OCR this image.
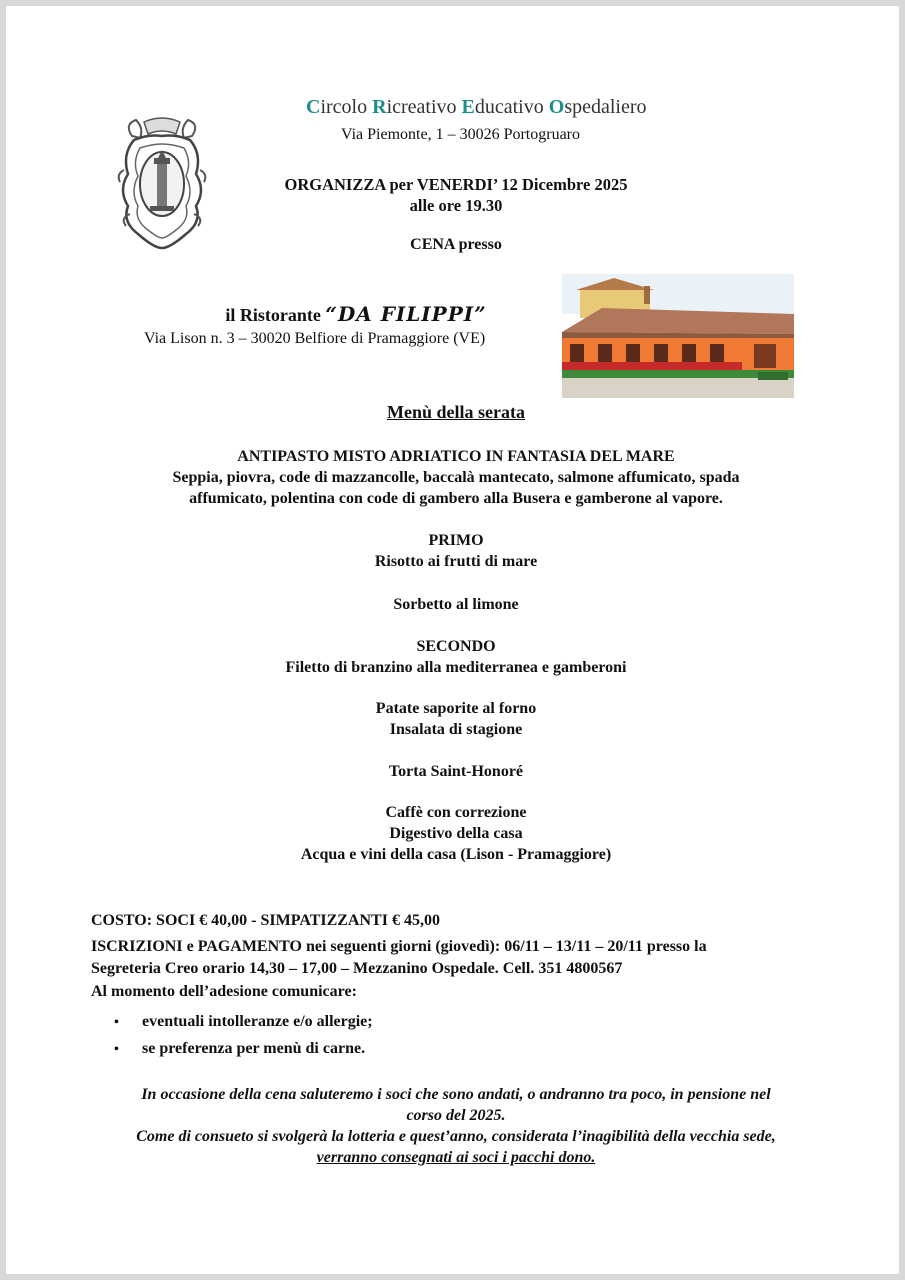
Circolo Ricreativo Educativo Ospedaliero
Via Piemonte, 1 – 30026 Portogruaro
ORGANIZZA per VENERDI’ 12 Dicembre 2025
alle ore 19.30
CENA presso
il Ristorante “DA FILIPPI”
Via Lison n. 3 – 30020 Belfiore di Pramaggiore (VE)
Menù della serata
ANTIPASTO MISTO ADRIATICO IN FANTASIA DEL MARE
Seppia, piovra, code di mazzancolle, baccalà mantecato, salmone affumicato, spada
affumicato, polentina con code di gambero alla Busera e gamberone al vapore.
PRIMO
Risotto ai frutti di mare
Sorbetto al limone
SECONDO
Filetto di branzino alla mediterranea e gamberoni
Patate saporite al forno
Insalata di stagione
Torta Saint-Honoré
Caffè con correzione
Digestivo della casa
Acqua e vini della casa (Lison - Pramaggiore)
COSTO: SOCI € 40,00 - SIMPATIZZANTI € 45,00
ISCRIZIONI e PAGAMENTO nei seguenti giorni (giovedì): 06/11 – 13/11 – 20/11 presso la
Segreteria Creo orario 14,30 – 17,00 – Mezzanino Ospedale. Cell. 351 4800567
Al momento dell’adesione comunicare:
• eventuali intolleranze e/o allergie;
• se preferenza per menù di carne.
In occasione della cena saluteremo i soci che sono andati, o andranno tra poco, in pensione nel
corso del 2025.
Come di consueto si svolgerà la lotteria e quest’anno, considerata l’inagibilità della vecchia sede,
verranno consegnati ai soci i pacchi dono.
